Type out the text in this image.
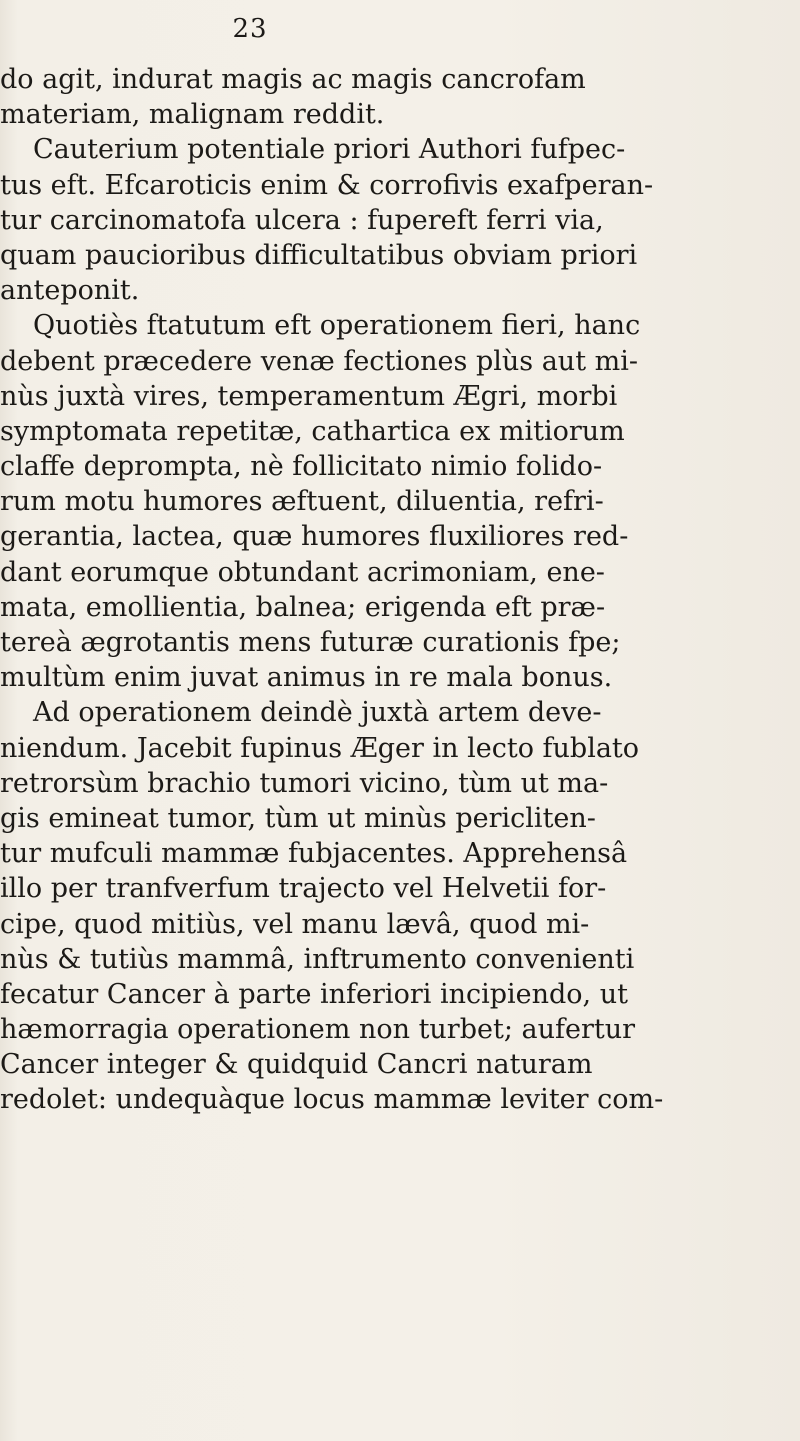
23
do agit, indurat magis ac magis cancrofam
materiam, malignam reddit.
Cauterium potentiale priori Authori fufpec-
tus eft. Efcaroticis enim & corrofivis exafperan-
tur carcinomatofa ulcera : fupereft ferri via,
quam paucioribus difficultatibus obviam priori
anteponit.
Quotiès ftatutum eft operationem fieri, hanc
debent præcedere venæ fectiones plùs aut mi-
nùs juxtà vires, temperamentum Ægri, morbi
symptomata repetitæ, cathartica ex mitiorum
claffe deprompta, nè follicitato nimio folido-
rum motu humores æftuent, diluentia, refri-
gerantia, lactea, quæ humores fluxiliores red-
dant eorumque obtundant acrimoniam, ene-
mata, emollientia, balnea; erigenda eft præ-
tereà ægrotantis mens futuræ curationis fpe;
multùm enim juvat animus in re mala bonus.
Ad operationem deindè juxtà artem deve-
niendum. Jacebit fupinus Æger in lecto fublato
retrorsùm brachio tumori vicino, tùm ut ma-
gis emineat tumor, tùm ut minùs pericliten-
tur mufculi mammæ fubjacentes. Apprehensâ
illo per tranfverfum trajecto vel Helvetii for-
cipe, quod mitiùs, vel manu lævâ, quod mi-
nùs & tutiùs mammâ, inftrumento convenienti
fecatur Cancer à parte inferiori incipiendo, ut
hæmorragia operationem non turbet; aufertur
Cancer integer & quidquid Cancri naturam
redolet: undequàque locus mammæ leviter com-
